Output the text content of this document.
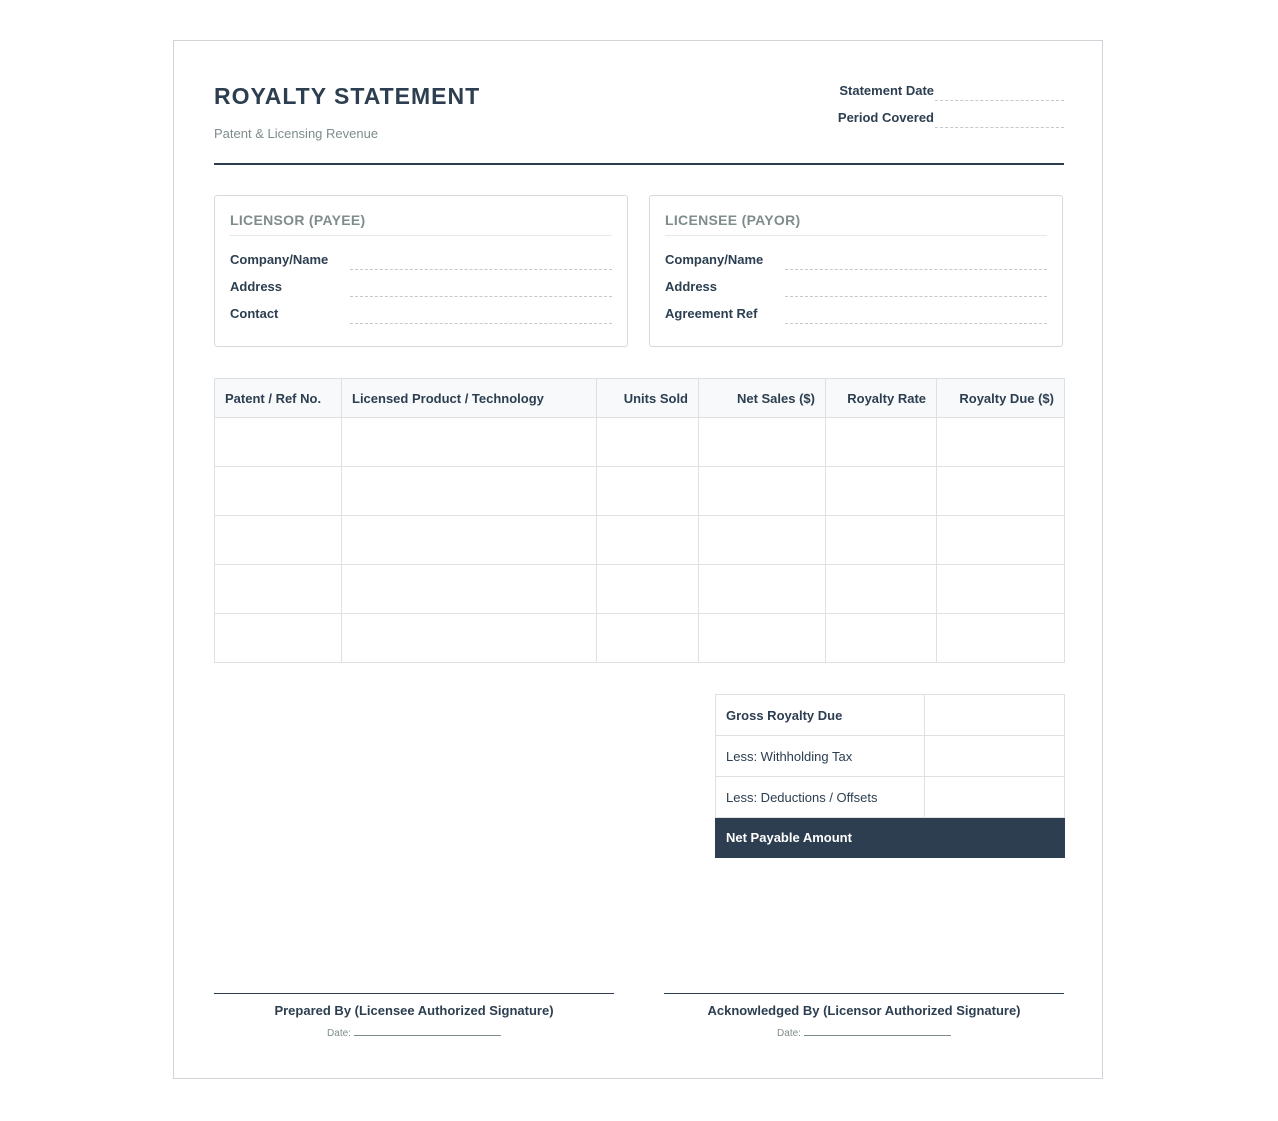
ROYALTY STATEMENT
Patent & Licensing Revenue
Statement Date
Period Covered
LICENSOR (PAYEE)
Company/Name
Address
Contact
LICENSEE (PAYOR)
Company/Name
Address
Agreement Ref
Patent / Ref No.	Licensed Product / Technology	Units Sold	Net Sales ($)	Royalty Rate	Royalty Due ($)

Gross Royalty Due	
Less: Withholding Tax	
Less: Deductions / Offsets	
Net Payable Amount	
Prepared By (Licensee Authorized Signature)
Date:
Acknowledged By (Licensor Authorized Signature)
Date:
